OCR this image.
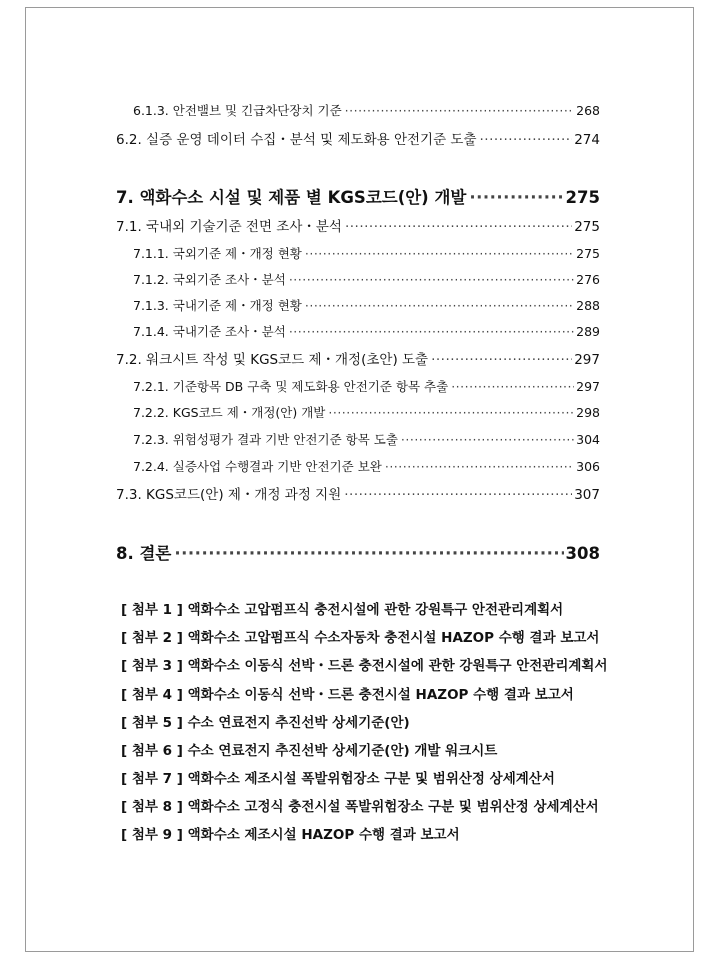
6.1.3. 안전밸브 및 긴급차단장치 기준 ·····	268
6.2. 실증 운영 데이터 수집・분석 및 제도화용 안전기준 도출 ·····	274
7. 액화수소 시설 및 제품 별 KGS코드(안) 개발 ·····	275
7.1. 국내외 기술기준 전면 조사・분석 ·····	275
7.1.1. 국외기준 제・개정 현황 ·····	275
7.1.2. 국외기준 조사・분석 ·····	276
7.1.3. 국내기준 제・개정 현황 ·····	288
7.1.4. 국내기준 조사・분석 ·····	289
7.2. 워크시트 작성 및 KGS코드 제・개정(초안) 도출 ·····	297
7.2.1. 기준항목 DB 구축 및 제도화용 안전기준 항목 추출 ·····	297
7.2.2. KGS코드 제・개정(안) 개발 ·····	298
7.2.3. 위험성평가 결과 기반 안전기준 항목 도출 ·····	304
7.2.4. 실증사업 수행결과 기반 안전기준 보완 ·····	306
7.3. KGS코드(안) 제・개정 과정 지원 ·····	307
8. 결론 ·····	308
[ 첨부 1 ] 액화수소 고압펌프식 충전시설에 관한 강원특구 안전관리계획서
[ 첨부 2 ] 액화수소 고압펌프식 수소자동차 충전시설 HAZOP 수행 결과 보고서
[ 첨부 3 ] 액화수소 이동식 선박・드론 충전시설에 관한 강원특구 안전관리계획서
[ 첨부 4 ] 액화수소 이동식 선박・드론 충전시설 HAZOP 수행 결과 보고서
[ 첨부 5 ] 수소 연료전지 추진선박 상세기준(안)
[ 첨부 6 ] 수소 연료전지 추진선박 상세기준(안) 개발 워크시트
[ 첨부 7 ] 액화수소 제조시설 폭발위험장소 구분 및 범위산정 상세계산서
[ 첨부 8 ] 액화수소 고정식 충전시설 폭발위험장소 구분 및 범위산정 상세계산서
[ 첨부 9 ] 액화수소 제조시설 HAZOP 수행 결과 보고서
